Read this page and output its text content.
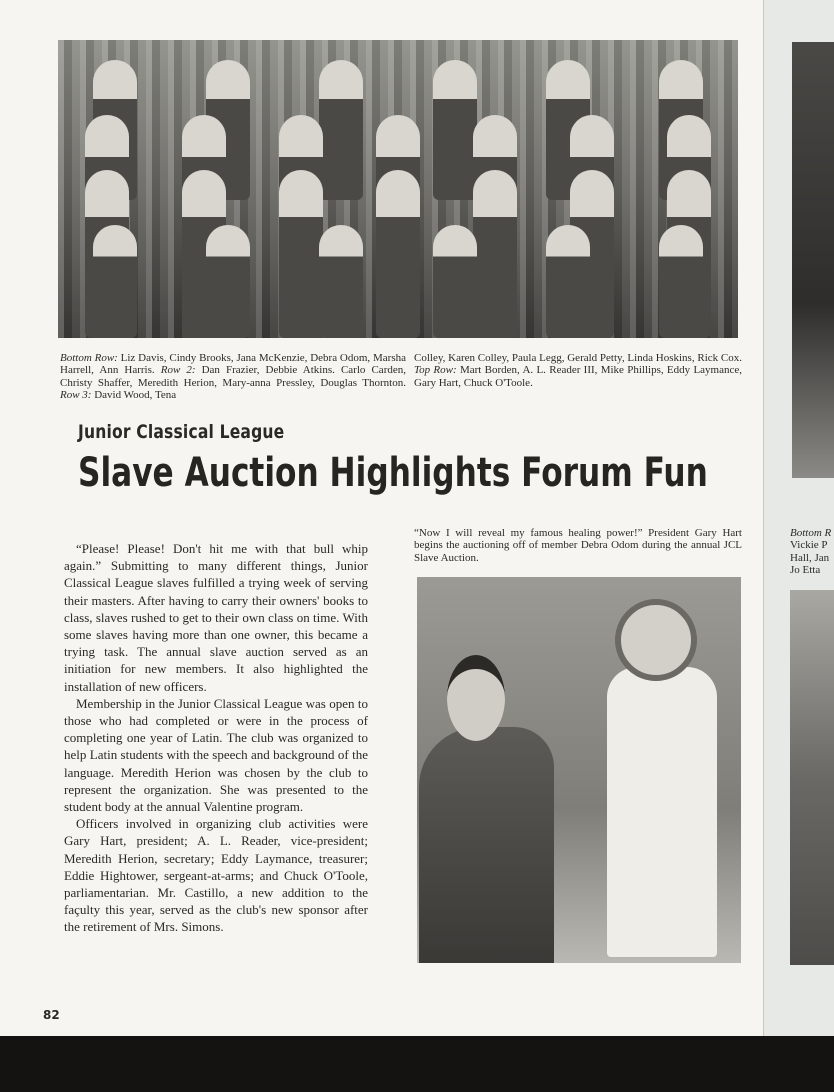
Bottom Row: Liz Davis, Cindy Brooks, Jana McKenzie, Debra Odom, Marsha Harrell, Ann Harris. Row 2: Dan Frazier, Debbie Atkins. Carlo Carden, Christy Shaffer, Meredith Herion, Mary-anna Pressley, Douglas Thornton. Row 3: David Wood, Tena
Colley, Karen Colley, Paula Legg, Gerald Petty, Linda Hoskins, Rick Cox. Top Row: Mart Borden, A. L. Reader III, Mike Phillips, Eddy Laymance, Gary Hart, Chuck O'Toole.
Junior Classical League
Slave Auction Highlights Forum Fun

“Please! Please! Don't hit me with that bull whip again.” Submitting to many different things, Junior Classical League slaves fulfilled a trying week of serving their masters. After having to carry their owners' books to class, slaves rushed to get to their own class on time. With some slaves having more than one owner, this became a trying task. The annual slave auction served as an initiation for new members. It also highlighted the installation of new officers.

Membership in the Junior Classical League was open to those who had completed or were in the process of completing one year of Latin. The club was organized to help Latin students with the speech and background of the language. Meredith Herion was chosen by the club to represent the organization. She was presented to the student body at the annual Valentine program.

Officers involved in organizing club activities were Gary Hart, president; A. L. Reader, vice-president; Meredith Herion, secretary; Eddy Laymance, treasurer; Eddie Hightower, sergeant-at-arms; and Chuck O'Toole, parliamentarian. Mr. Castillo, a new addition to the façulty this year, served as the club's new sponsor after the retirement of Mrs. Simons.

“Now I will reveal my famous healing power!” President Gary Hart begins the auctioning off of member Debra Odom during the annual JCL Slave Auction.
Bottom R
Vickie P
Hall, Jan
Jo Etta
82
